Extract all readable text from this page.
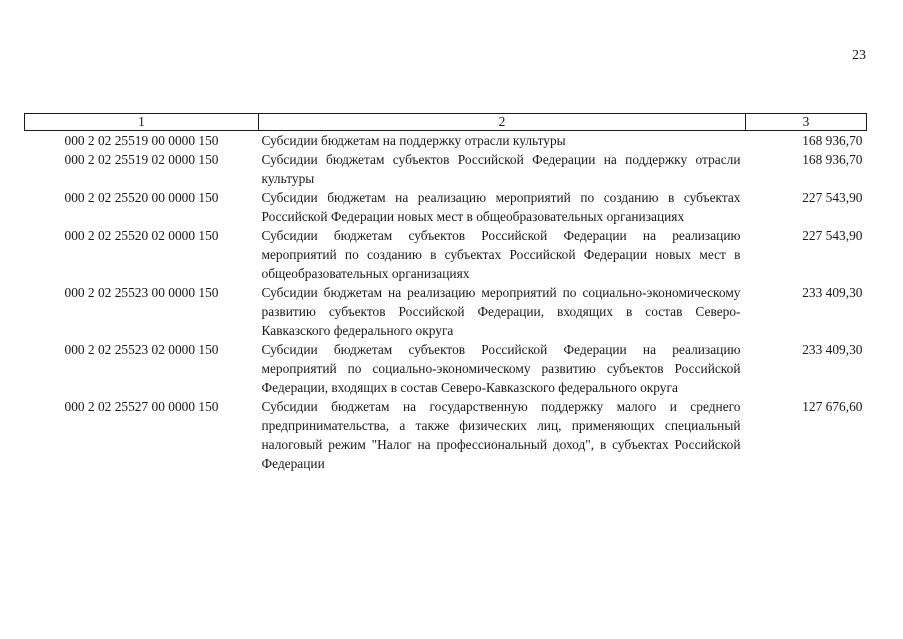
23
1	2	3
000 2 02 25519 00 0000 150	Субсидии бюджетам на поддержку отрасли культуры	168 936,70
000 2 02 25519 02 0000 150	Субсидии бюджетам субъектов Российской Федерации на поддержку отрасли культуры	168 936,70
000 2 02 25520 00 0000 150	Субсидии бюджетам на реализацию мероприятий по созданию в субъектах Российской Федерации новых мест в общеобразовательных организациях	227 543,90
000 2 02 25520 02 0000 150	Субсидии бюджетам субъектов Российской Федерации на реализацию мероприятий по созданию в субъектах Российской Федерации новых мест в общеобразовательных организациях	227 543,90
000 2 02 25523 00 0000 150	Субсидии бюджетам на реализацию мероприятий по социально-экономическому развитию субъектов Российской Федерации, входящих в состав Северо-Кавказского федерального округа	233 409,30
000 2 02 25523 02 0000 150	Субсидии бюджетам субъектов Российской Федерации на реализацию мероприятий по социально-экономическому развитию субъектов Российской Федерации, входящих в состав Северо-Кавказского федерального округа	233 409,30
000 2 02 25527 00 0000 150	Субсидии бюджетам на государственную поддержку малого и среднего предпринимательства, а также физических лиц, применяющих специальный налоговый режим "Налог на профессиональный доход", в субъектах Российской Федерации	127 676,60
